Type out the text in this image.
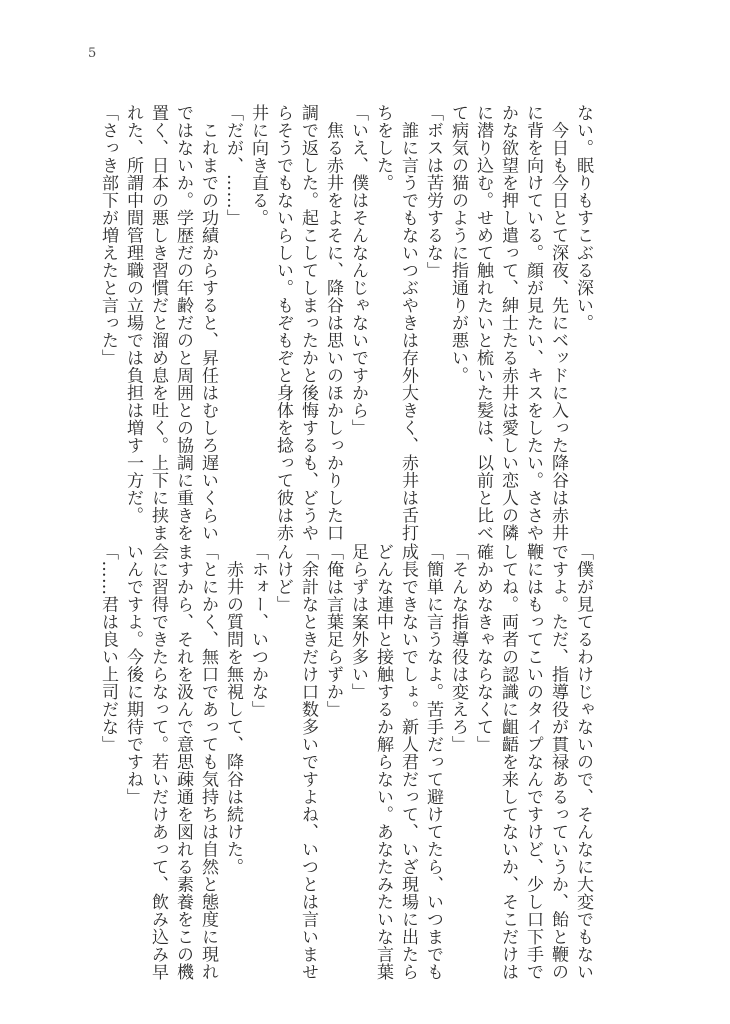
5

ない。眠りもすこぶる深い。

　今日も今日とて深夜、先にベッドに入った降谷は赤井

に背を向けている。顔が見たい、キスをしたい。ささや

かな欲望を押し遣って、紳士たる赤井は愛しい恋人の隣

に潜り込む。せめて触れたいと梳いた髪は、以前と比べ

て病気の猫のように指通りが悪い。

「ボスは苦労するな」

　誰に言うでもないつぶやきは存外大きく、赤井は舌打

ちをした。

「いえ、僕はそんなんじゃないですから」

　焦る赤井をよそに、降谷は思いのほかしっかりした口

調で返した。起こしてしまったかと後悔するも、どうや

らそうでもないらしい。もぞもぞと身体を捻って彼は赤

井に向き直る。

「だが、……」

　これまでの功績からすると、昇任はむしろ遅いくらい

ではないか。学歴だの年齢だのと周囲との協調に重きを

置く、日本の悪しき習慣だと溜め息を吐く。上下に挟ま

れた、所謂中間管理職の立場では負担は増す一方だ。

「さっき部下が増えたと言った」

「僕が見てるわけじゃないので、そんなに大変でもない

ですよ。ただ、指導役が貫禄あるっていうか、飴と鞭の

鞭にはもってこいのタイプなんですけど、少し口下手で

してね。両者の認識に齟齬を来してないか、そこだけは

確かめなきゃならなくて」

「そんな指導役は変えろ」

「簡単に言うなよ。苦手だって避けてたら、いつまでも

成長できないでしょ。新人君だって、いざ現場に出たら

どんな連中と接触するか解らない。あなたみたいな言葉

足らずは案外多い」

「俺は言葉足らずか」

「余計なときだけ口数多いですよね、いつとは言いませ

んけど」

「ホォー、いつかな」

　赤井の質問を無視して、降谷は続けた。

「とにかく、無口であっても気持ちは自然と態度に現れ

ますから、それを汲んで意思疎通を図れる素養をこの機

会に習得できたらなって。若いだけあって、飲み込み早

いんですよ。今後に期待ですね」

「……君は良い上司だな」
